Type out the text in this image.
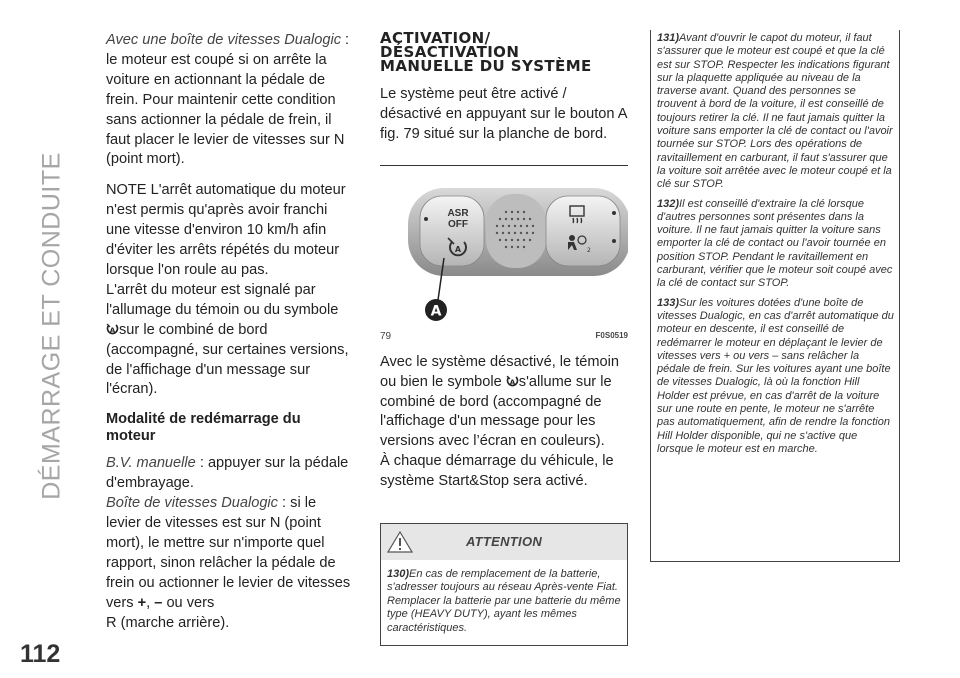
DÉMARRAGE ET CONDUITE
112

Avec une boîte de vitesses Dualogic : le moteur est coupé si on arrête la voiture en actionnant la pédale de frein. Pour maintenir cette condition sans actionner la pédale de frein, il faut placer le levier de vitesses sur N (point mort).

NOTE L'arrêt automatique du moteur n'est permis qu'après avoir franchi une vitesse d'environ 10 km/h afin d'éviter les arrêts répétés du moteur lorsque l'on roule au pas.

L'arrêt du moteur est signalé par l'allumage du témoin ou du symbole

A sur le combiné de bord (accompagné, sur certaines versions, de l'affichage d'un message sur l'écran).

Modalité de redémarrage du moteur

B.V. manuelle : appuyer sur la pédale d'embrayage.

Boîte de vitesses Dualogic : si le levier de vitesses est sur N (point mort), le mettre sur n'importe quel rapport, sinon relâcher la pédale de frein ou actionner le levier de vitesses vers +, – ou vers
R (marche arrière).

ACTIVATION/
DÉSACTIVATION
MANUELLE DU SYSTÈME

Le système peut être activé / désactivé en appuyant sur le bouton A fig. 79 situé sur la planche de bord.

ASR
OFF
A	2
A
79	F0S0519

Avec le système désactivé, le témoin ou bien le symbole A s'allume sur le combiné de bord (accompagné de l'affichage d'un message pour les versions avec l’écran en couleurs).

À chaque démarrage du véhicule, le système Start&Stop sera activé.

ATTENTION
130)En cas de remplacement de la batterie, s'adresser toujours au réseau Après-vente Fiat. Remplacer la batterie par une batterie du même type (HEAVY DUTY), ayant les mêmes caractéristiques.

131)Avant d'ouvrir le capot du moteur, il faut s'assurer que le moteur est coupé et que la clé est sur STOP. Respecter les indications figurant sur la plaquette appliquée au niveau de la traverse avant. Quand des personnes se trouvent à bord de la voiture, il est conseillé de toujours retirer la clé. Il ne faut jamais quitter la voiture sans emporter la clé de contact ou l'avoir tournée sur STOP. Lors des opérations de ravitaillement en carburant, il faut s'assurer que la voiture soit arrêtée avec le moteur coupé et la clé sur STOP.

132)Il est conseillé d'extraire la clé lorsque d'autres personnes sont présentes dans la voiture. Il ne faut jamais quitter la voiture sans emporter la clé de contact ou l'avoir tournée en position STOP. Pendant le ravitaillement en carburant, vérifier que le moteur soit coupé avec la clé de contact sur STOP.

133)Sur les voitures dotées d'une boîte de vitesses Dualogic, en cas d'arrêt automatique du moteur en descente, il est conseillé de redémarrer le moteur en déplaçant le levier de vitesses vers + ou vers – sans relâcher la pédale de frein. Sur les voitures ayant une boîte de vitesses Dualogic, là où la fonction Hill Holder est prévue, en cas d'arrêt de la voiture sur une route en pente, le moteur ne s'arrête pas automatiquement, afin de rendre la fonction Hill Holder disponible, qui ne s'active que lorsque le moteur est en marche.
